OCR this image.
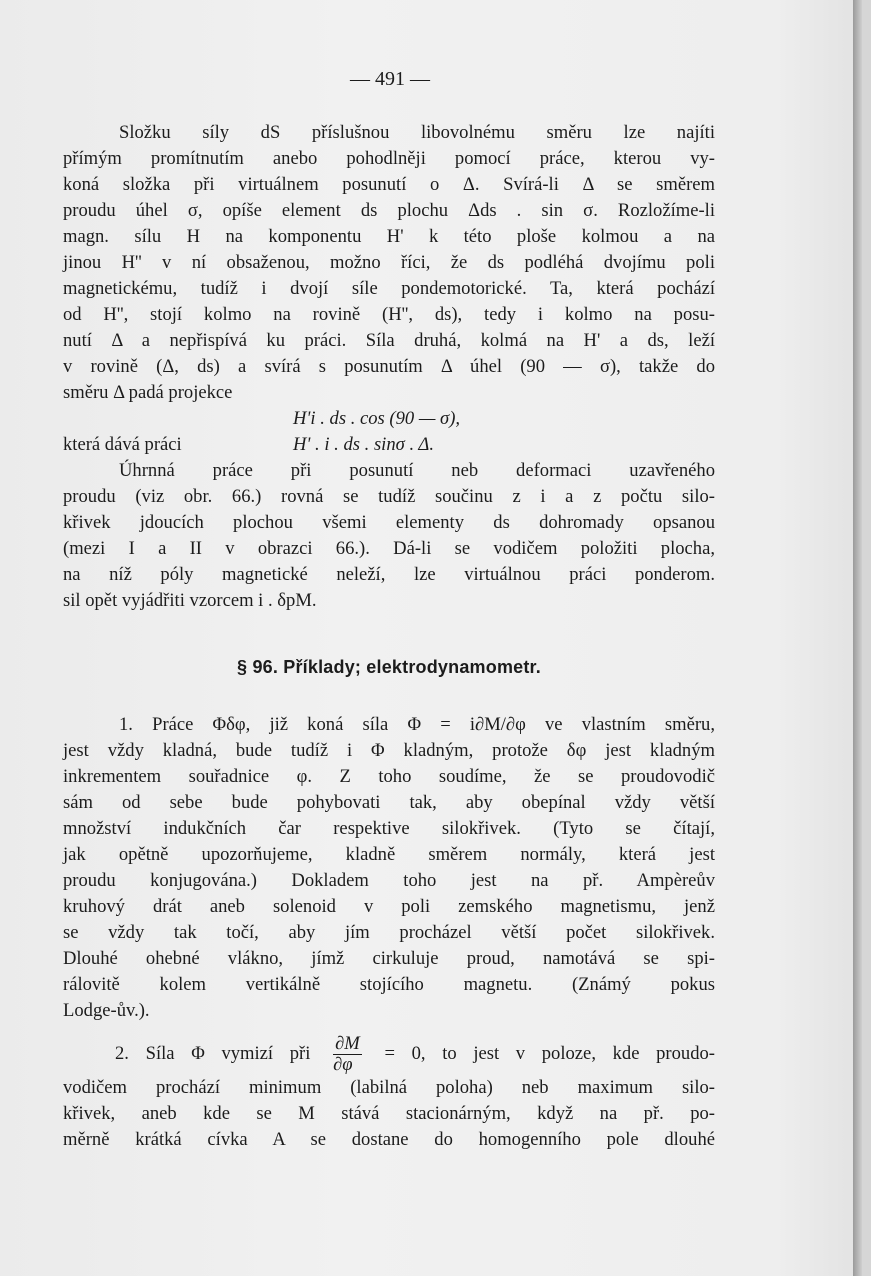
— 491 —
Složku síly dS příslušnou libovolnému směru lze najíti
přímým promítnutím anebo pohodlněji pomocí práce, kterou vy-
koná složka při virtuálnem posunutí o Δ. Svírá-li Δ se směrem
proudu úhel σ, opíše element ds plochu Δds . sin σ. Rozložíme-li
magn. sílu H na komponentu H' k této ploše kolmou a na
jinou H'' v ní obsaženou, možno říci, že ds podléhá dvojímu poli
magnetickému, tudíž i dvojí síle pondemotorické. Ta, která pochází
od H'', stojí kolmo na rovině (H'', ds), tedy i kolmo na posu-
nutí Δ a nepřispívá ku práci. Síla druhá, kolmá na H' a ds, leží
v rovině (Δ, ds) a svírá s posunutím Δ úhel (90 — σ), takže do
směru Δ padá projekce
H'i . ds . cos (90 — σ),
která dává práci	H' . i . ds . sinσ . Δ.
Úhrnná práce při posunutí neb deformaci uzavřeného
proudu (viz obr. 66.) rovná se tudíž součinu z i a z počtu silo-
křivek jdoucích plochou všemi elementy ds dohromady opsanou
(mezi I a II v obrazci 66.). Dá-li se vodičem položiti plocha,
na níž póly magnetické neleží, lze virtuálnou práci ponderom.
sil opět vyjádřiti vzorcem i . δpM.
§ 96. Příklady; elektrodynamometr.
1. Práce Φδφ, již koná síla Φ = i∂M/∂φ ve vlastním směru,
jest vždy kladná, bude tudíž i Φ kladným, protože δφ jest kladným
inkrementem souřadnice φ. Z toho soudíme, že se proudovodič
sám od sebe bude pohybovati tak, aby obepínal vždy větší
množství indukčních čar respektive silokřivek. (Tyto se čítají,
jak opětně upozorňujeme, kladně směrem normály, která jest
proudu konjugována.) Dokladem toho jest na př. Ampèreův
kruhový drát aneb solenoid v poli zemského magnetismu, jenž
se vždy tak točí, aby jím procházel větší počet silokřivek.
Dlouhé ohebné vlákno, jímž cirkuluje proud, namotává se spi-
rálovitě kolem vertikálně stojícího magnetu. (Známý pokus
Lodge-ův.).
2. Síla Φ vymizí při $\frac{\partial M}{\partial\varphi} = 0$, to jest v poloze, kde proudo-
vodičem prochází minimum (labilná poloha) neb maximum silo-
křivek, aneb kde se M stává stacionárným, když na př. po-
měrně krátká cívka A se dostane do homogenního pole dlouhé
